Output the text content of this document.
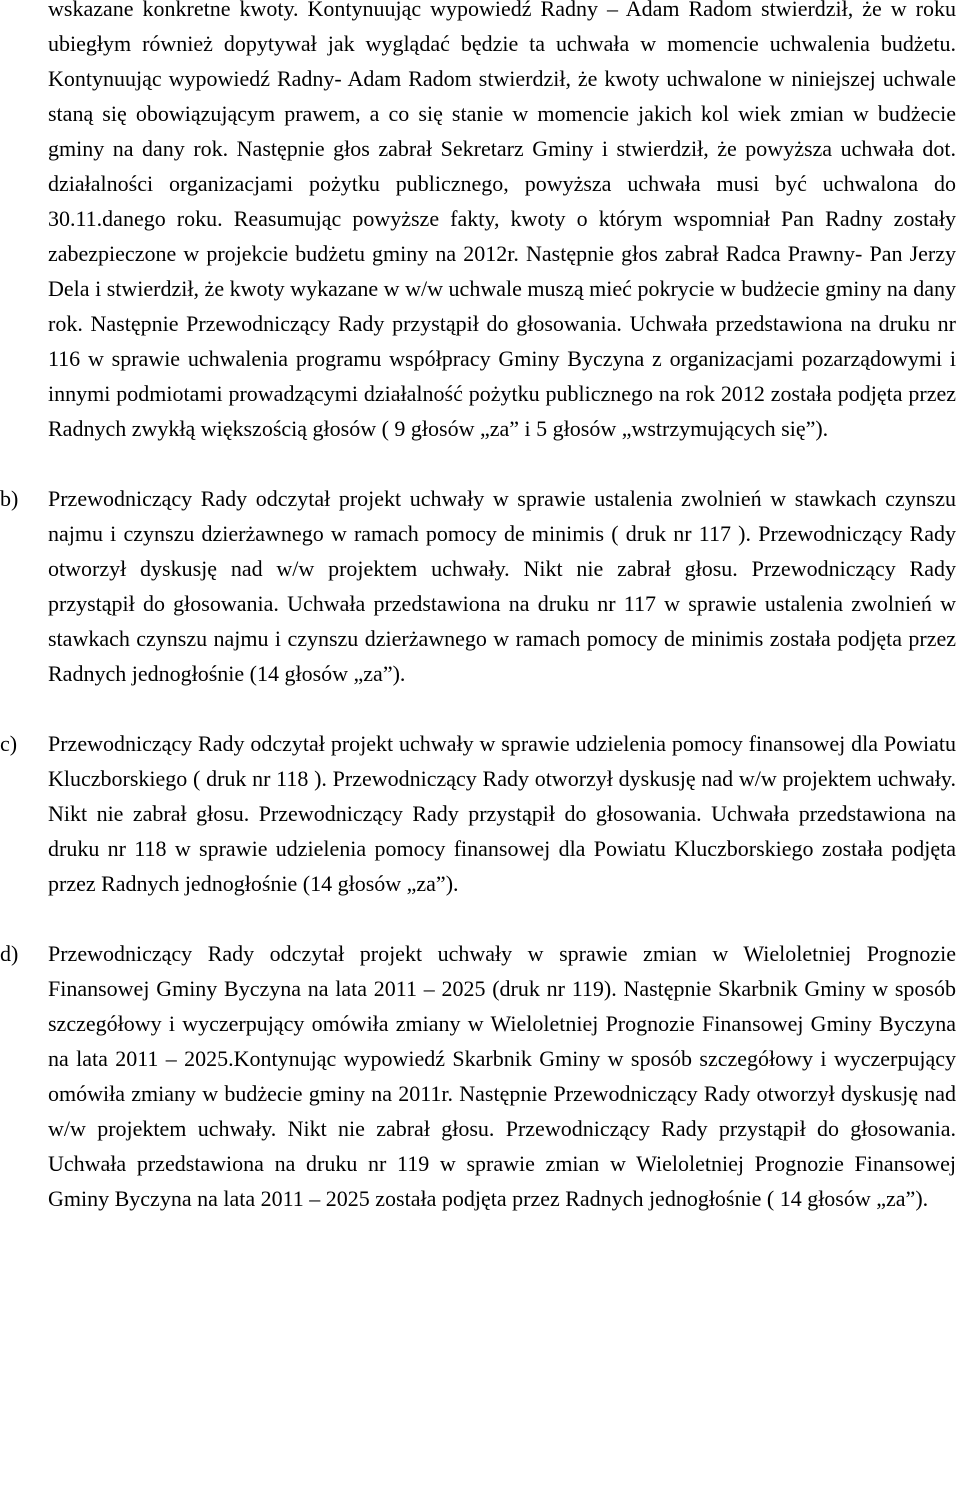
wskazane konkretne kwoty. Kontynuując wypowiedź Radny – Adam Radom stwierdził, że w roku ubiegłym również dopytywał jak wyglądać będzie ta uchwała w momencie uchwalenia budżetu. Kontynuując wypowiedź Radny- Adam Radom stwierdził, że kwoty uchwalone w niniejszej uchwale staną się obowiązującym prawem, a co się stanie w momencie jakich kol wiek zmian w budżecie gminy na dany rok. Następnie głos zabrał Sekretarz Gminy i stwierdził, że powyższa uchwała dot. działalności organizacjami pożytku publicznego, powyższa uchwała musi być uchwalona do 30.11.danego roku. Reasumując powyższe fakty, kwoty o którym wspomniał Pan Radny zostały zabezpieczone w projekcie budżetu gminy na 2012r. Następnie głos zabrał Radca Prawny- Pan Jerzy Dela i stwierdził, że kwoty wykazane w w/w uchwale muszą mieć pokrycie w budżecie gminy na dany rok. Następnie Przewodniczący Rady przystąpił do głosowania. Uchwała przedstawiona na druku nr 116 w sprawie uchwalenia programu współpracy Gminy Byczyna z organizacjami pozarządowymi i innymi podmiotami prowadzącymi działalność pożytku publicznego na rok 2012 została podjęta przez Radnych zwykłą większością głosów ( 9 głosów „za” i 5 głosów „wstrzymujących się”).

b)	Przewodniczący Rady odczytał projekt uchwały w sprawie ustalenia zwolnień w stawkach czynszu najmu i czynszu dzierżawnego w ramach pomocy de minimis ( druk nr 117 ). Przewodniczący Rady otworzył dyskusję nad w/w projektem uchwały. Nikt nie zabrał głosu. Przewodniczący Rady przystąpił do głosowania. Uchwała przedstawiona na druku nr 117 w sprawie ustalenia zwolnień w stawkach czynszu najmu i czynszu dzierżawnego w ramach pomocy de minimis została podjęta przez Radnych jednogłośnie (14 głosów „za”).

c)	Przewodniczący Rady odczytał projekt uchwały w sprawie udzielenia pomocy finansowej dla Powiatu Kluczborskiego ( druk nr 118 ). Przewodniczący Rady otworzył dyskusję nad w/w projektem uchwały. Nikt nie zabrał głosu. Przewodniczący Rady przystąpił do głosowania. Uchwała przedstawiona na druku nr 118 w sprawie udzielenia pomocy finansowej dla Powiatu Kluczborskiego została podjęta przez Radnych jednogłośnie (14 głosów „za”).

d)	Przewodniczący Rady odczytał projekt uchwały w sprawie zmian w Wieloletniej Prognozie Finansowej Gminy Byczyna na lata 2011 – 2025 (druk nr 119). Następnie Skarbnik Gminy w sposób szczegółowy i wyczerpujący omówiła zmiany w Wieloletniej Prognozie Finansowej Gminy Byczyna na lata 2011 – 2025.Kontynując wypowiedź Skarbnik Gminy w sposób szczegółowy i wyczerpujący omówiła zmiany w budżecie gminy na 2011r. Następnie Przewodniczący Rady otworzył dyskusję nad w/w projektem uchwały. Nikt nie zabrał głosu. Przewodniczący Rady przystąpił do głosowania. Uchwała przedstawiona na druku nr 119 w sprawie zmian w Wieloletniej Prognozie Finansowej Gminy Byczyna na lata 2011 – 2025 została podjęta przez Radnych jednogłośnie ( 14 głosów „za”).
